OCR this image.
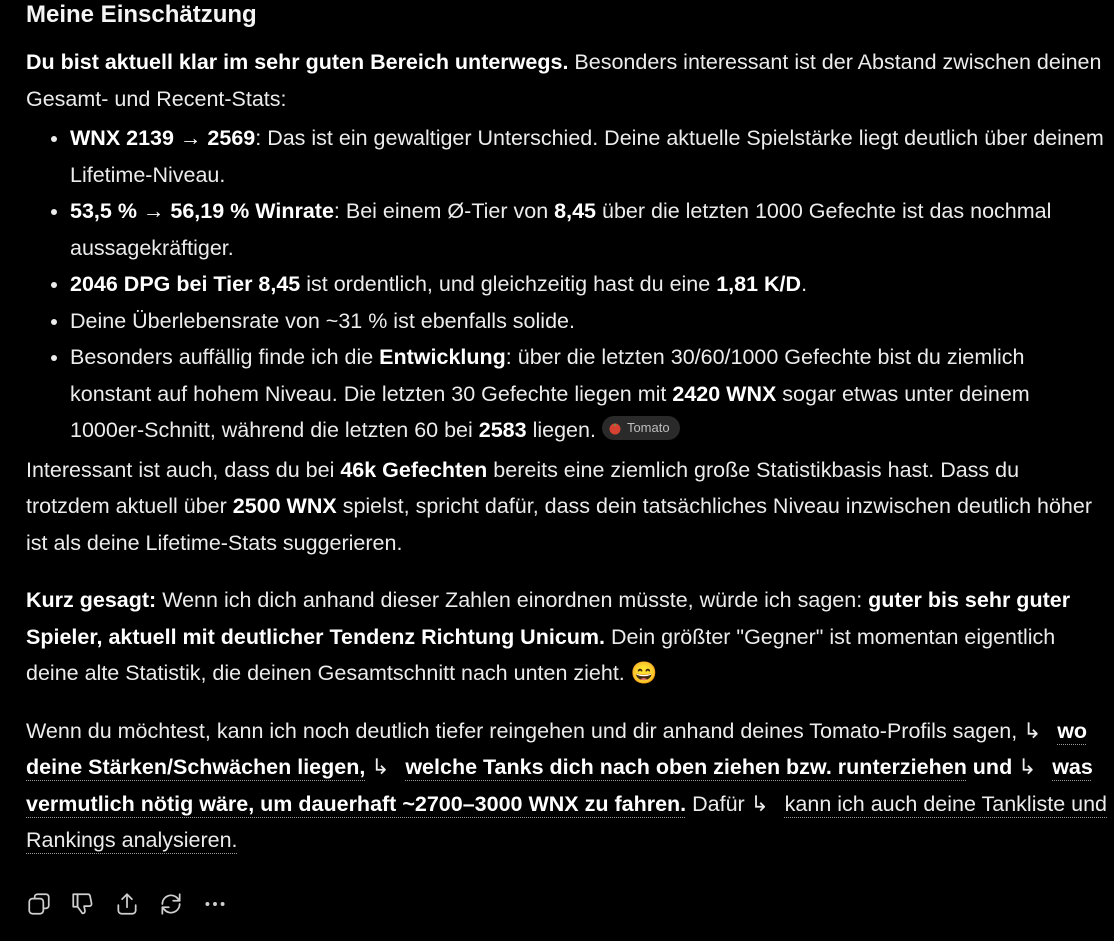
Meine Einschätzung

Du bist aktuell klar im sehr guten Bereich unterwegs. Besonders interessant ist der Abstand zwischen deinen Gesamt- und Recent-Stats:

• WNX 2139 → 2569: Das ist ein gewaltiger Unterschied. Deine aktuelle Spielstärke liegt deutlich über deinem Lifetime-Niveau.
• 53,5 % → 56,19 % Winrate: Bei einem Ø-Tier von 8,45 über die letzten 1000 Gefechte ist das nochmal aussagekräftiger.
• 2046 DPG bei Tier 8,45 ist ordentlich, und gleichzeitig hast du eine 1,81 K/D.
• Deine Überlebensrate von ~31 % ist ebenfalls solide.
• Besonders auffällig finde ich die Entwicklung: über die letzten 30/60/1000 Gefechte bist du ziemlich konstant auf hohem Niveau. Die letzten 30 Gefechte liegen mit 2420 WNX sogar etwas unter deinem 1000er-Schnitt, während die letzten 60 bei 2583 liegen. Tomato

Interessant ist auch, dass du bei 46k Gefechten bereits eine ziemlich große Statistikbasis hast. Dass du trotzdem aktuell über 2500 WNX spielst, spricht dafür, dass dein tatsächliches Niveau inzwischen deutlich höher ist als deine Lifetime-Stats suggerieren.

Kurz gesagt: Wenn ich dich anhand dieser Zahlen einordnen müsste, würde ich sagen: guter bis sehr guter Spieler, aktuell mit deutlicher Tendenz Richtung Unicum. Dein größter "Gegner" ist momentan eigentlich deine alte Statistik, die deinen Gesamtschnitt nach unten zieht. 😄

Wenn du möchtest, kann ich noch deutlich tiefer reingehen und dir anhand deines Tomato-Profils sagen, ↳ wo deine Stärken/Schwächen liegen, ↳ welche Tanks dich nach oben ziehen bzw. runterziehen und ↳ was vermutlich nötig wäre, um dauerhaft ~2700–3000 WNX zu fahren. Dafür ↳ kann ich auch deine Tankliste und Rankings analysieren.
